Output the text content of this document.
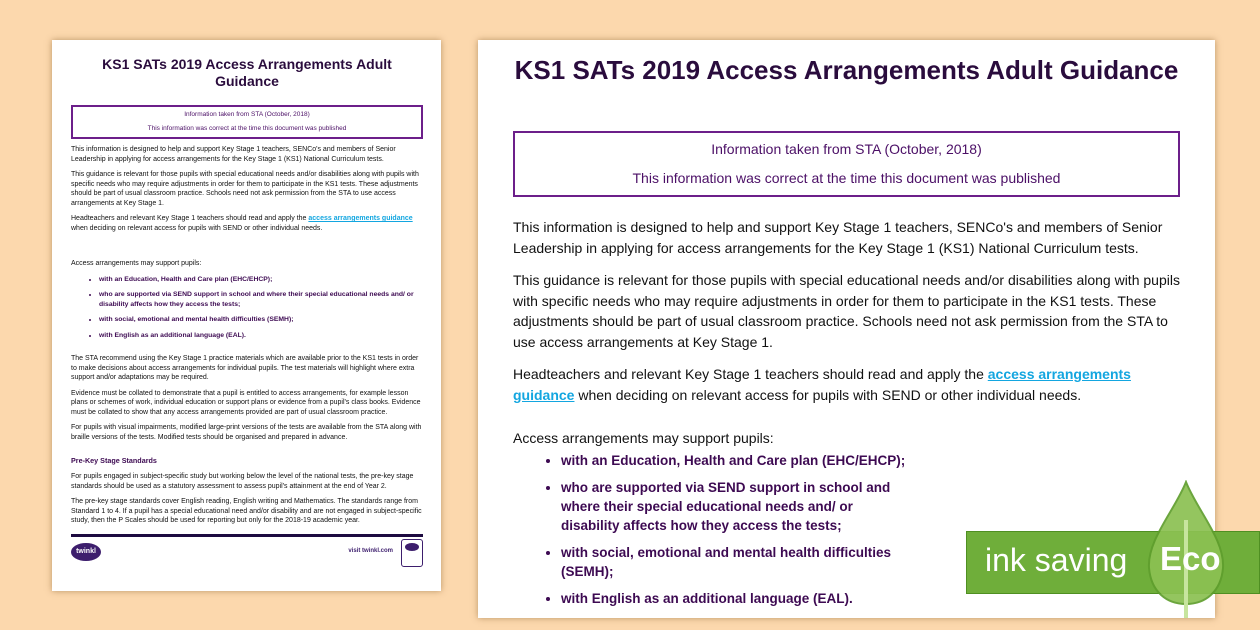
KS1 SATs 2019 Access Arrangements Adult Guidance
Information taken from STA (October, 2018)
This information was correct at the time this document was published

This information is designed to help and support Key Stage 1 teachers, SENCo's and members of Senior Leadership in applying for access arrangements for the Key Stage 1 (KS1) National Curriculum tests.

This guidance is relevant for those pupils with special educational needs and/or disabilities along with pupils with specific needs who may require adjustments in order for them to participate in the KS1 tests. These adjustments should be part of usual classroom practice. Schools need not ask permission from the STA to use access arrangements at Key Stage 1.

Headteachers and relevant Key Stage 1 teachers should read and apply the access arrangements guidance when deciding on relevant access for pupils with SEND or other individual needs.

Access arrangements may support pupils:

• with an Education, Health and Care plan (EHC/EHCP);
• who are supported via SEND support in school and where their special educational needs and/ or disability affects how they access the tests;
• with social, emotional and mental health difficulties (SEMH);
• with English as an additional language (EAL).

The STA recommend using the Key Stage 1 practice materials which are available prior to the KS1 tests in order to make decisions about access arrangements for individual pupils. The test materials will highlight where extra support and/or adaptations may be required.

Evidence must be collated to demonstrate that a pupil is entitled to access arrangements, for example lesson plans or schemes of work, individual education or support plans or evidence from a pupil's class books. Evidence must be collated to show that any access arrangements provided are part of usual classroom practice.

For pupils with visual impairments, modified large-print versions of the tests are available from the STA along with braille versions of the tests. Modified tests should be organised and prepared in advance.

Pre-Key Stage Standards

For pupils engaged in subject-specific study but working below the level of the national tests, the pre-key stage standards should be used as a statutory assessment to assess pupil's attainment at the end of Year 2.

The pre-key stage standards cover English reading, English writing and Mathematics. The standards range from Standard 1 to 4. If a pupil has a special educational need and/or disability and are not engaged in subject-specific study, then the P Scales should be used for reporting but only for the 2018-19 academic year.

twinkl	visit twinkl.com
KS1 SATs 2019 Access Arrangements Adult Guidance
Information taken from STA (October, 2018)
This information was correct at the time this document was published

This information is designed to help and support Key Stage 1 teachers, SENCo's and members of Senior Leadership in applying for access arrangements for the Key Stage 1 (KS1) National Curriculum tests.

This guidance is relevant for those pupils with special educational needs and/or disabilities along with pupils with specific needs who may require adjustments in order for them to participate in the KS1 tests. These adjustments should be part of usual classroom practice. Schools need not ask permission from the STA to use access arrangements at Key Stage 1.

Headteachers and relevant Key Stage 1 teachers should read and apply the access arrangements guidance when deciding on relevant access for pupils with SEND or other individual needs.

Access arrangements may support pupils:

• with an Education, Health and Care plan (EHC/EHCP);
• who are supported via SEND support in school and where their special educational needs and/ or disability affects how they access the tests;
• with social, emotional and mental health difficulties (SEMH);
• with English as an additional language (EAL).
ink saving Eco
